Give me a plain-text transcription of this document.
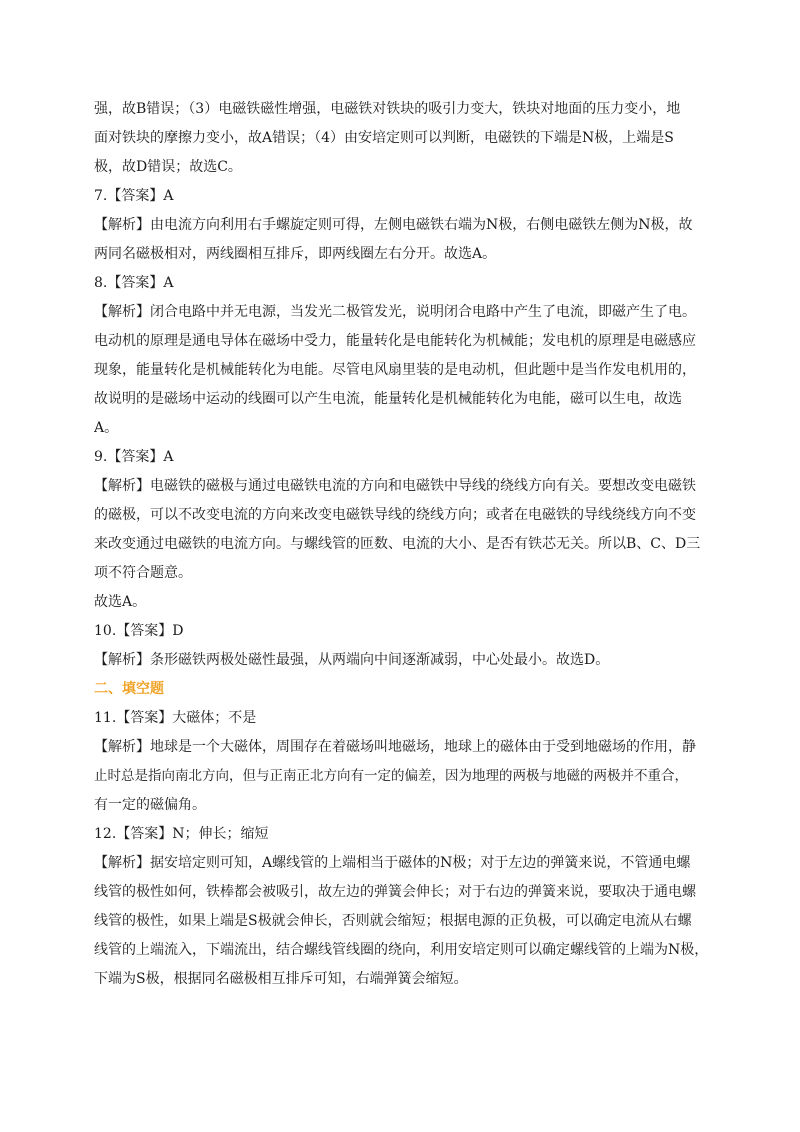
强，故B错误；（3）电磁铁磁性增强，电磁铁对铁块的吸引力变大，铁块对地面的压力变小，地
面对铁块的摩擦力变小，故A错误；（4）由安培定则可以判断，电磁铁的下端是N极，上端是S
极，故D错误；故选C。
7.【答案】A
【解析】由电流方向利用右手螺旋定则可得，左侧电磁铁右端为N极，右侧电磁铁左侧为N极，故
两同名磁极相对，两线圈相互排斥，即两线圈左右分开。故选A。
8.【答案】A
【解析】闭合电路中并无电源，当发光二极管发光，说明闭合电路中产生了电流，即磁产生了电。
电动机的原理是通电导体在磁场中受力，能量转化是电能转化为机械能；发电机的原理是电磁感应
现象，能量转化是机械能转化为电能。尽管电风扇里装的是电动机，但此题中是当作发电机用的，
故说明的是磁场中运动的线圈可以产生电流，能量转化是机械能转化为电能，磁可以生电，故选
A。
9.【答案】A
【解析】电磁铁的磁极与通过电磁铁电流的方向和电磁铁中导线的绕线方向有关。要想改变电磁铁
的磁极，可以不改变电流的方向来改变电磁铁导线的绕线方向；或者在电磁铁的导线绕线方向不变
来改变通过电磁铁的电流方向。与螺线管的匝数、电流的大小、是否有铁芯无关。所以B、C、D三
项不符合题意。
故选A。
10.【答案】D
【解析】条形磁铁两极处磁性最强，从两端向中间逐渐减弱，中心处最小。故选D。
二、填空题
11.【答案】大磁体；不是
【解析】地球是一个大磁体，周围存在着磁场叫地磁场，地球上的磁体由于受到地磁场的作用，静
止时总是指向南北方向，但与正南正北方向有一定的偏差，因为地理的两极与地磁的两极并不重合，
有一定的磁偏角。
12.【答案】N；伸长；缩短
【解析】据安培定则可知，A螺线管的上端相当于磁体的N极；对于左边的弹簧来说，不管通电螺
线管的极性如何，铁棒都会被吸引，故左边的弹簧会伸长；对于右边的弹簧来说，要取决于通电螺
线管的极性，如果上端是S极就会伸长，否则就会缩短；根据电源的正负极，可以确定电流从右螺
线管的上端流入，下端流出，结合螺线管线圈的绕向，利用安培定则可以确定螺线管的上端为N极，
下端为S极，根据同名磁极相互排斥可知，右端弹簧会缩短。
